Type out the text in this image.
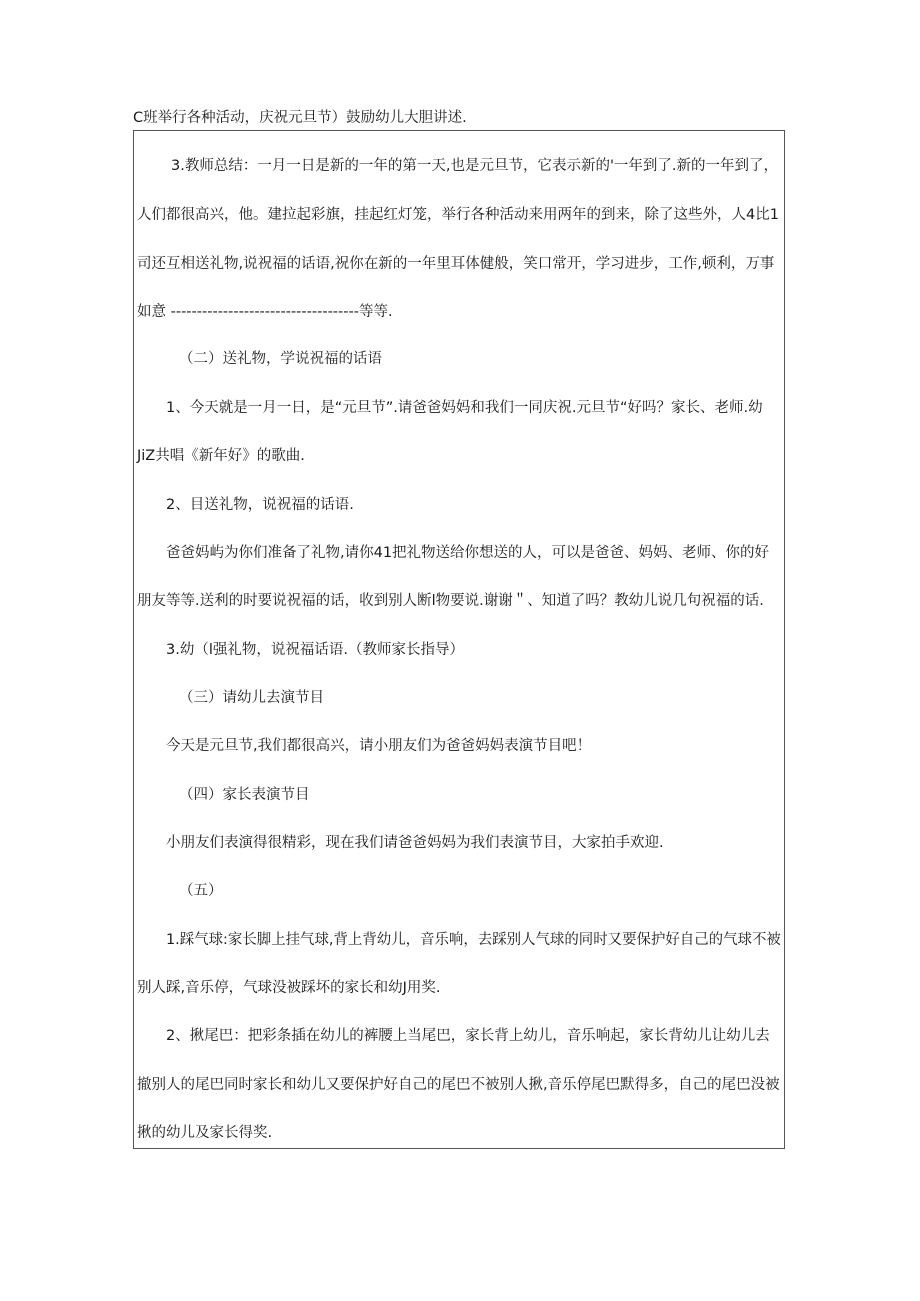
C班举行各种活动，庆祝元旦节）鼓励幼儿大胆讲述.
3.教师总结：一月一日是新的一年的第一天,也是元旦节，它表示新的'一年到了.新的一年到了，
人们都很高兴，他。建拉起彩旗，挂起红灯笼，举行各种活动来用两年的到来，除了这些外，人4比1
司还互相送礼物,说祝福的话语,祝你在新的一年里耳体健般，笑口常开，学习进步，工作,顿利，万事
如意 ------------------------------------等等.
（二）送礼物，学说祝福的话语
1、今天就是一月一日，是“元旦节”.请爸爸妈妈和我们一同庆祝.元旦节“好吗？家长、老师.幼
JiZ共唱《新年好》的歌曲.
2、目送礼物，说祝福的话语.
爸爸妈屿为你们准备了礼物,请你41把礼物送给你想送的人，可以是爸爸、妈妈、老师、你的好
朋友等等.送利的时要说祝福的话，收到别人断l物要说.谢谢＂、知道了吗？教幼儿说几句祝福的话.
3.幼（l强礼物，说祝福话语.（教师家长指导）
（三）请幼儿去演节目
今天是元旦节,我们都很高兴，请小朋友们为爸爸妈妈表演节目吧！
（四）家长表演节目
小朋友们表演得很精彩，现在我们请爸爸妈妈为我们表演节目，大家拍手欢迎.
（五）
1.踩气球:家长脚上挂气球,背上背幼儿，音乐响，去踩别人气球的同时又要保护好自己的气球不被
别人踩,音乐停，气球没被踩坏的家长和幼J用奖.
2、揪尾巴：把彩条插在幼儿的裤腰上当尾巴，家长背上幼儿，音乐响起，家长背幼儿让幼儿去
撤别人的尾巴同时家长和幼儿又要保护好自己的尾巴不被别人揪,音乐停尾巴默得多，自己的尾巴没被
揪的幼儿及家长得奖.
